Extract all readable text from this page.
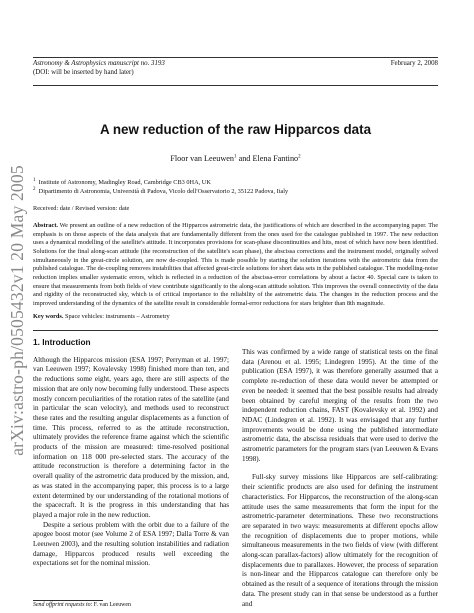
arXiv:astro-ph/0505432v1 20 May 2005
Astronomy & Astrophysics manuscript no. 3193	February 2, 2008
(DOI: will be inserted by hand later)
A new reduction of the raw Hipparcos data
Floor van Leeuwen$^1$ and Elena Fantino$^2$
$^1$ Institute of Astronomy, Madingley Road, Cambridge CB3 0HA, UK
$^2$ Dipartimento di Astronomia, Università di Padova, Vicolo dell'Osservatorio 2, 35122 Padova, Italy
Received: date / Revised version: date
Abstract. We present an outline of a new reduction of the Hipparcos astrometric data, the justifications of which are described in the accompanying paper. The emphasis is on those aspects of the data analysis that are fundamentally different from the ones used for the catalogue published in 1997. The new reduction uses a dynamical modelling of the satellite's attitude. It incorporates provisions for scan-phase discontinuities and hits, most of which have now been identified. Solutions for the final along-scan attitude (the reconstruction of the satellite's scan phase), the abscissa corrections and the instrument model, originally solved simultaneously in the great-circle solution, are now de-coupled. This is made possible by starting the solution iterations with the astrometric data from the published catalogue. The de-coupling removes instabilities that affected great-circle solutions for short data sets in the published catalogue. The modelling-noise reduction implies smaller systematic errors, which is reflected in a reduction of the abscissa-error correlations by about a factor 40. Special care is taken to ensure that measurements from both fields of view contribute significantly to the along-scan attitude solution. This improves the overall connectivity of the data and rigidity of the reconstructed sky, which is of critical importance to the reliability of the astrometric data. The changes in the reduction process and the improved understanding of the dynamics of the satellite result in considerable formal-error reductions for stars brighter than 8th magnitude.
Key words. Space vehicles: instruments – Astrometry
1. Introduction

Although the Hipparcos mission (ESA 1997; Perryman et al. 1997; van Leeuwen 1997; Kovalevsky 1998) finished more than ten, and the reductions some eight, years ago, there are still aspects of the mission that are only now becoming fully understood. These aspects mostly concern peculiarities of the rotation rates of the satellite (and in particular the scan velocity), and methods used to reconstruct these rates and the resulting angular displacements as a function of time. This process, referred to as the attitude reconstruction, ultimately provides the reference frame against which the scientific products of the mission are measured: time-resolved positional information on 118 000 pre-selected stars. The accuracy of the attitude reconstruction is therefore a determining factor in the overall quality of the astrometric data produced by the mission, and, as was stated in the accompanying paper, this process is to a large extent determined by our understanding of the rotational motions of the spacecraft. It is the progress in this understanding that has played a major role in the new reduction.

Despite a serious problem with the orbit due to a failure of the apogee boost motor (see Volume 2 of ESA 1997; Dalla Torre & van Leeuwen 2003), and the resulting solution instabilities and radiation damage, Hipparcos produced results well exceeding the expectations set for the nominal mission.

This was confirmed by a wide range of statistical tests on the final data (Arenou et al. 1995; Lindegren 1995). At the time of the publication (ESA 1997), it was therefore generally assumed that a complete re-reduction of these data would never be attempted or even be needed: it seemed that the best possible results had already been obtained by careful merging of the results from the two independent reduction chains, FAST (Kovalevsky et al. 1992) and NDAC (Lindegren et al. 1992). It was envisaged that any further improvements would be done using the published intermediate astrometric data, the abscissa residuals that were used to derive the astrometric parameters for the program stars (van Leeuwen & Evans 1998).

Full-sky survey missions like Hipparcos are self-calibrating: their scientific products are also used for defining the instrument characteristics. For Hipparcos, the reconstruction of the along-scan attitude uses the same measurements that form the input for the astrometric-parameter determinations. These two reconstructions are separated in two ways: measurements at different epochs allow the recognition of displacements due to proper motions, while simultaneous measurements in the two fields of view (with different along-scan parallax-factors) allow ultimately for the recognition of displacements due to parallaxes. However, the process of separation is non-linear and the Hipparcos catalogue can therefore only be obtained as the result of a sequence of iterations through the mission data. The present study can in that sense be understood as a further and

Send offprint requests to: F. van Leeuwen
